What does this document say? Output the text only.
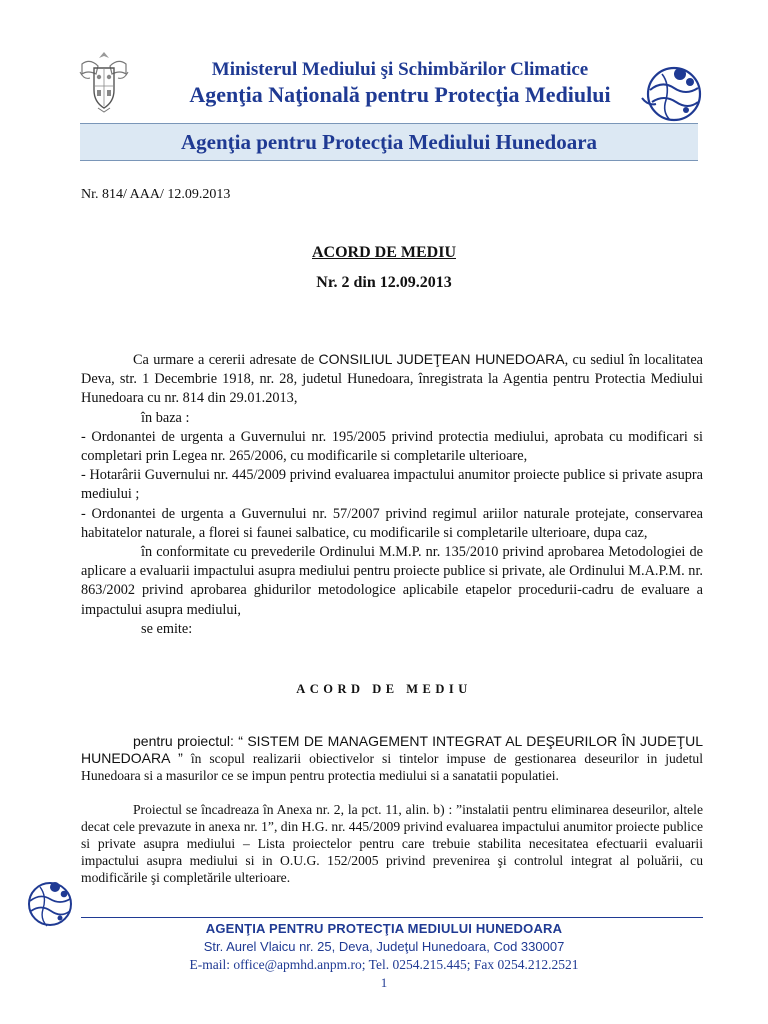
Ministerul Mediului şi Schimbărilor Climatice
Agenţia Naţională pentru Protecţia Mediului
Agenţia pentru Protecţia Mediului Hunedoara
Nr. 814/ AAA/ 12.09.2013
ACORD DE MEDIU
Nr. 2 din 12.09.2013

Ca urmare a cererii adresate de CONSILIUL JUDEŢEAN HUNEDOARA, cu sediul în localitatea Deva, str. 1 Decembrie 1918, nr. 28, judetul Hunedoara, înregistrata la Agentia pentru Protectia Mediului Hunedoara cu nr. 814 din 29.01.2013,

în baza :

- Ordonantei de urgenta a Guvernului nr. 195/2005 privind protectia mediului, aprobata cu modificari si completari prin Legea nr. 265/2006, cu modificarile si completarile ulterioare,

- Hotarârii Guvernului nr. 445/2009 privind evaluarea impactului anumitor proiecte publice si private asupra mediului ;

- Ordonantei de urgenta a Guvernului nr. 57/2007 privind regimul ariilor naturale protejate, conservarea habitatelor naturale, a florei si faunei salbatice, cu modificarile si completarile ulterioare, dupa caz,

în conformitate cu prevederile Ordinului M.M.P. nr. 135/2010 privind aprobarea Metodologiei de aplicare a evaluarii impactului asupra mediului pentru proiecte publice si private, ale Ordinului M.A.P.M. nr. 863/2002 privind aprobarea ghidurilor metodologice aplicabile etapelor procedurii-cadru de evaluare a impactului asupra mediului,

se emite:

ACORD DE MEDIU

pentru proiectul: “ SISTEM DE MANAGEMENT INTEGRAT AL DEŞEURILOR ÎN JUDEŢUL HUNEDOARA ” în scopul realizarii obiectivelor si tintelor impuse de gestionarea deseurilor in judetul Hunedoara si a masurilor ce se impun pentru protectia mediului si a sanatatii populatiei.

Proiectul se încadreaza în Anexa nr. 2, la pct. 11, alin. b) : ”instalatii pentru eliminarea deseurilor, altele decat cele prevazute in anexa nr. 1”, din H.G. nr. 445/2009 privind evaluarea impactului anumitor proiecte publice si private asupra mediului – Lista proiectelor pentru care trebuie stabilita necesitatea efectuarii evaluarii impactului asupra mediului si in O.U.G. 152/2005 privind prevenirea şi controlul integrat al poluării, cu modificările şi completările ulterioare.

AGENŢIA PENTRU PROTECŢIA MEDIULUI HUNEDOARA
Str. Aurel Vlaicu nr. 25, Deva, Judeţul Hunedoara, Cod 330007
E-mail: office@apmhd.anpm.ro; Tel. 0254.215.445; Fax 0254.212.2521
1
